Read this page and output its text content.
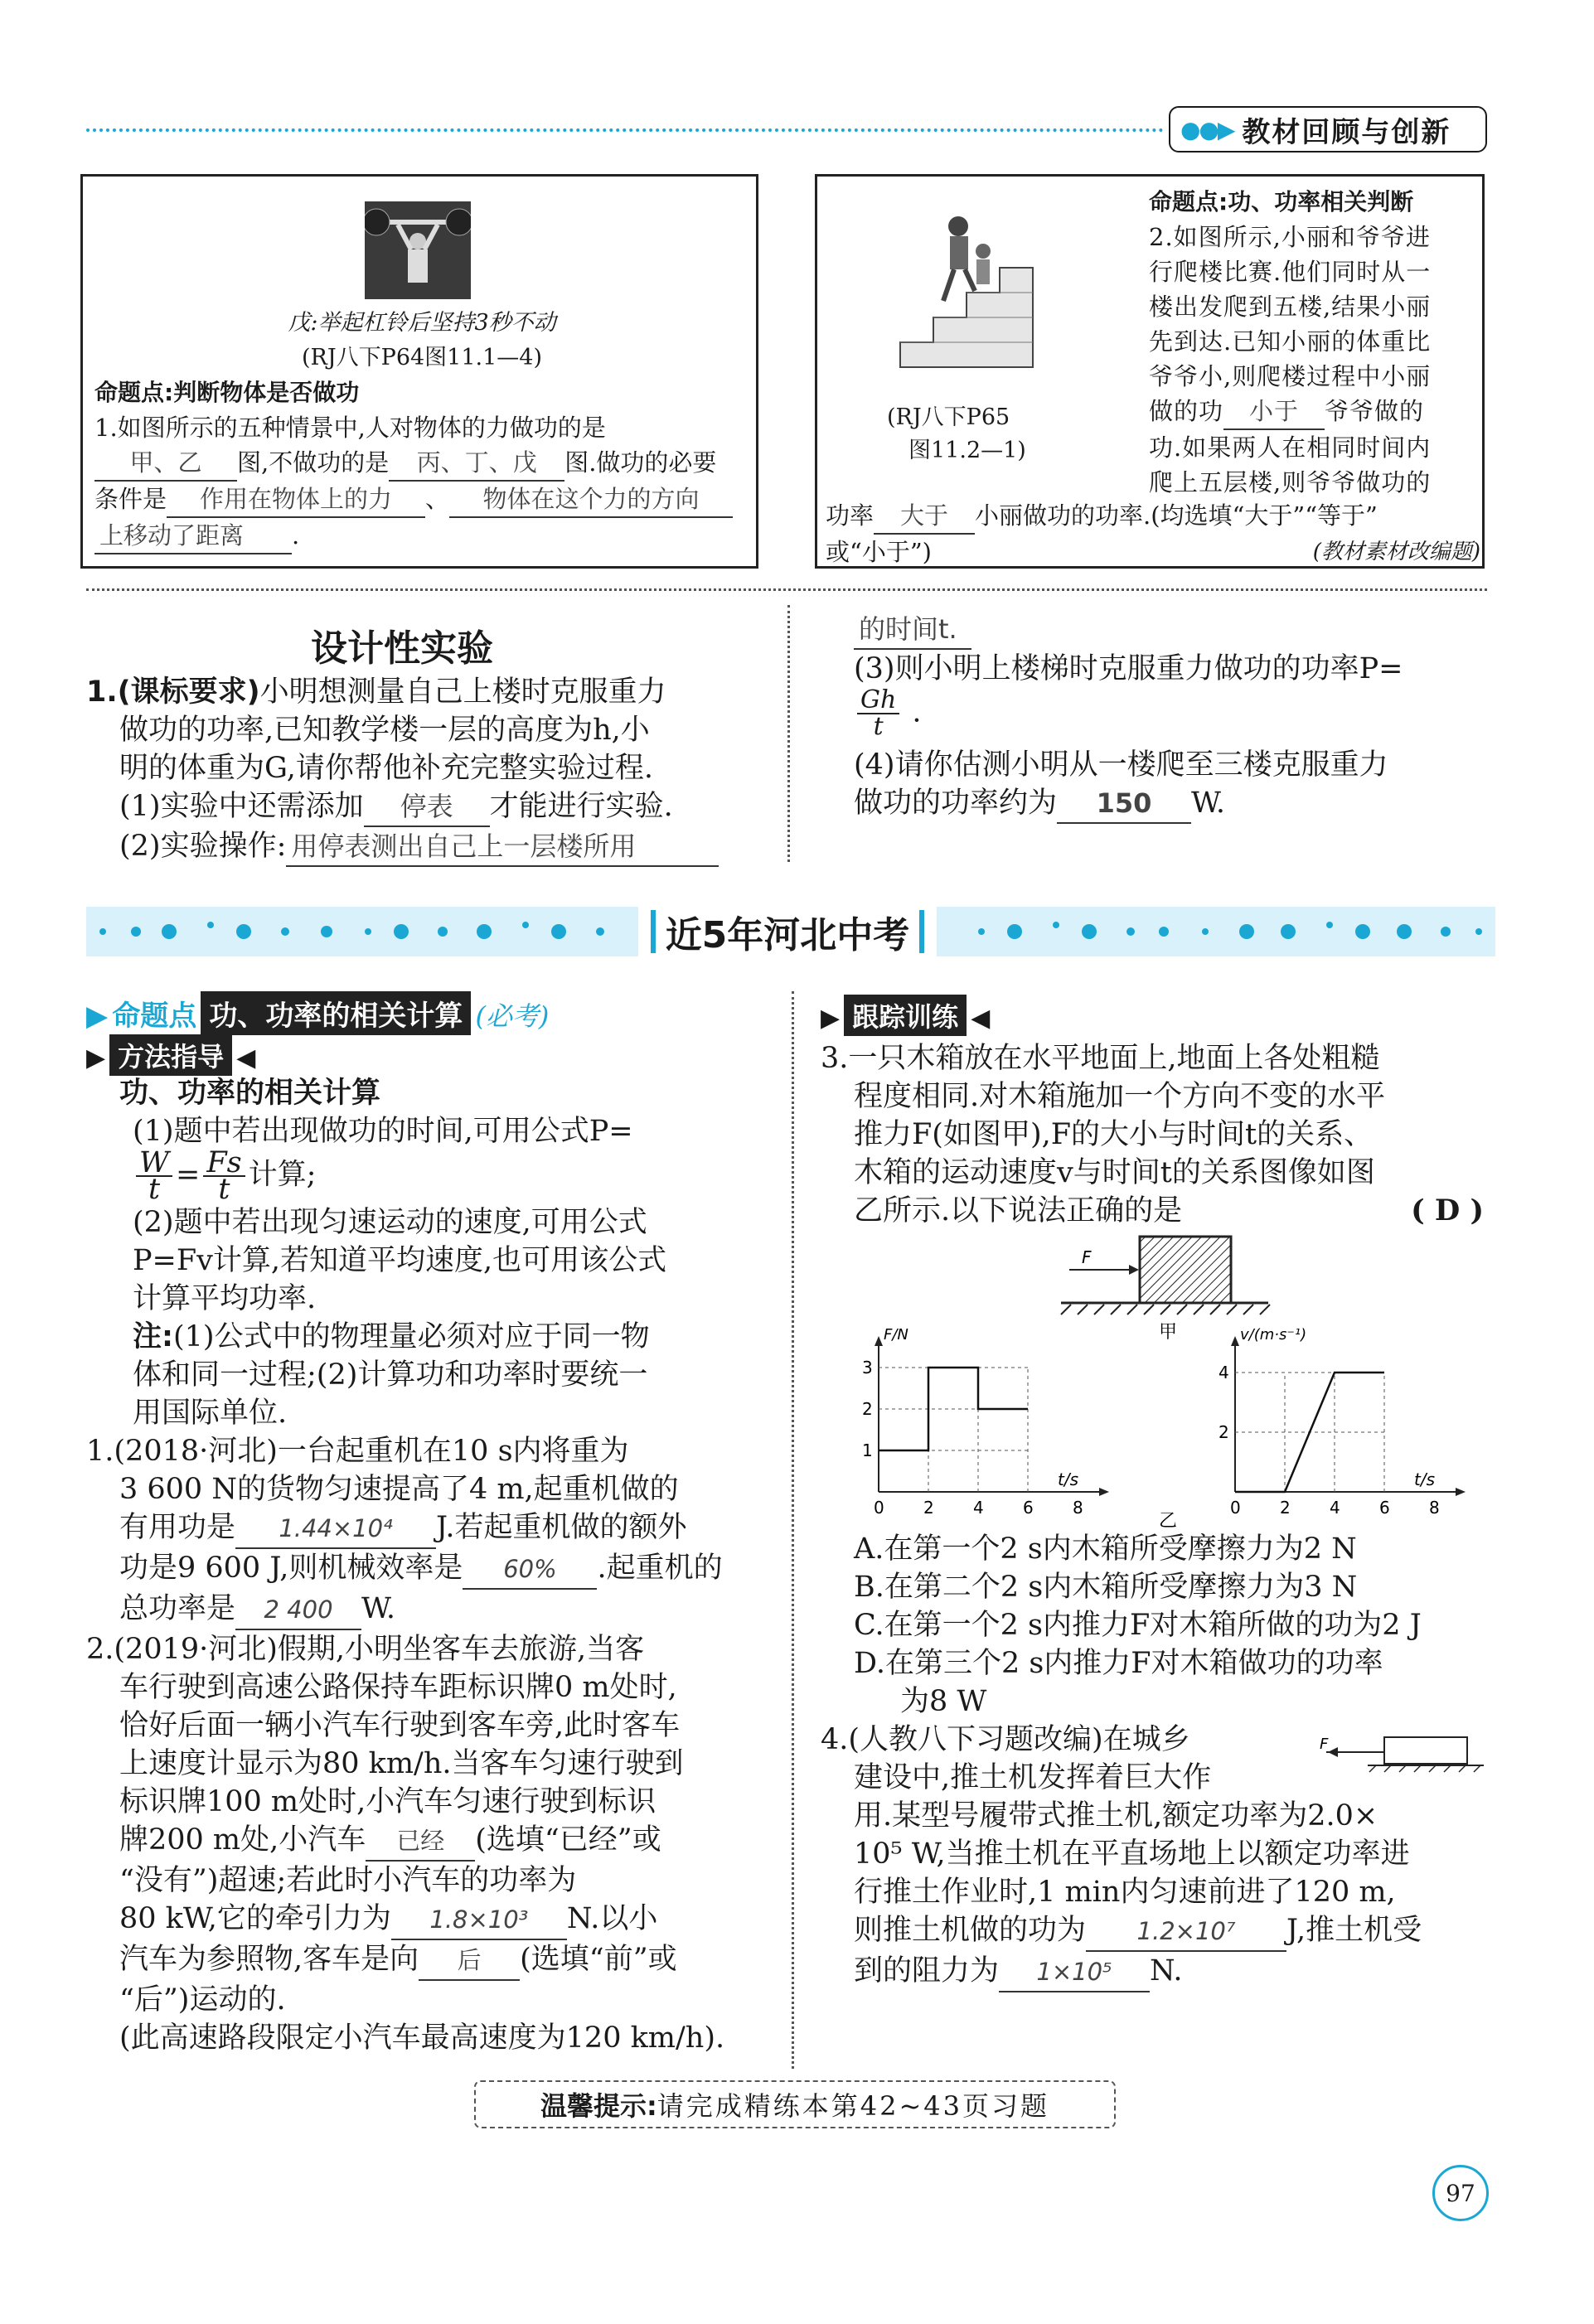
●●▶ 教材回顾与创新
戊:举起杠铃后坚持3秒不动
(RJ八下P64图11.1—4)
命题点:判断物体是否做功
1.如图所示的五种情景中,人对物体的力做功的是
甲、乙 图,不做功的是 丙、丁、戊 图.做功的必要
条件是 作用在物体上的力 、 物体在这个力的方向
上移动了距离 .
(RJ八下P65
图11.2—1)
命题点:功、功率相关判断
2.如图所示,小丽和爷爷进
行爬楼比赛.他们同时从一
楼出发爬到五楼,结果小丽
先到达.已知小丽的体重比
爷爷小,则爬楼过程中小丽
做的功 小于 爷爷做的
功.如果两人在相同时间内
爬上五层楼,则爷爷做功的
功率 大于 小丽做功的功率.(均选填“大于”“等于”
或“小于”)	(教材素材改编题)
设计性实验
1.(课标要求)小明想测量自己上楼时克服重力
做功的功率,已知教学楼一层的高度为h,小
明的体重为G,请你帮他补充完整实验过程.
(1)实验中还需添加 停表 才能进行实验.
(2)实验操作: 用停表测出自己上一层楼所用
的时间t.
(3)则小明上楼梯时克服重力做功的功率P=
$\frac{Gh}{t}$ .
(4)请你估测小明从一楼爬至三楼克服重力
做功的功率约为 150 W.
近5年河北中考
▶ 命题点 功、功率的相关计算 (必考)
▶ 方法指导 ◀
功、功率的相关计算
(1)题中若出现做功的时间,可用公式P=
$\frac{W}{t} = \frac{Fs}{t}$ 计算;
(2)题中若出现匀速运动的速度,可用公式
P=Fv计算,若知道平均速度,也可用该公式
计算平均功率.
注:(1)公式中的物理量必须对应于同一物
体和同一过程;(2)计算功和功率时要统一
用国际单位.
1.(2018·河北)一台起重机在10 s内将重为
3 600 N的货物匀速提高了4 m,起重机做的
有用功是 1.44×10⁴ J.若起重机做的额外
功是9 600 J,则机械效率是 60% .起重机的
总功率是 2 400 W.
2.(2019·河北)假期,小明坐客车去旅游,当客
车行驶到高速公路保持车距标识牌0 m处时,
恰好后面一辆小汽车行驶到客车旁,此时客车
上速度计显示为80 km/h.当客车匀速行驶到
标识牌100 m处时,小汽车匀速行驶到标识
牌200 m处,小汽车 已经 (选填“已经”或
“没有”)超速;若此时小汽车的功率为
80 kW,它的牵引力为 1.8×10³ N.以小
汽车为参照物,客车是向 后 (选填“前”或
“后”)运动的.
(此高速路段限定小汽车最高速度为120 km/h).
▶ 跟踪训练 ◀
3.一只木箱放在水平地面上,地面上各处粗糙
程度相同.对木箱施加一个方向不变的水平
推力F(如图甲),F的大小与时间t的关系、
木箱的运动速度v与时间t的关系图像如图
乙所示.以下说法正确的是	( D )
F
甲
0 2 4 6 8
1
2
3
t/s
F/N
0 2 4 6 8
2
4
t/s
v/(m·s⁻¹)
乙
A.在第一个2 s内木箱所受摩擦力为2 N
B.在第二个2 s内木箱所受摩擦力为3 N
C.在第一个2 s内推力F对木箱所做的功为2 J
D.在第三个2 s内推力F对木箱做功的功率
为8 W
4.(人教八下习题改编)在城乡
建设中,推土机发挥着巨大作
用.某型号履带式推土机,额定功率为2.0×
10⁵ W,当推土机在平直场地上以额定功率进
行推土作业时,1 min内匀速前进了120 m,
则推土机做的功为 1.2×10⁷ J,推土机受
到的阻力为 1×10⁵ N.
F
温馨提示: 请完成精练本第42~43页习题
97
